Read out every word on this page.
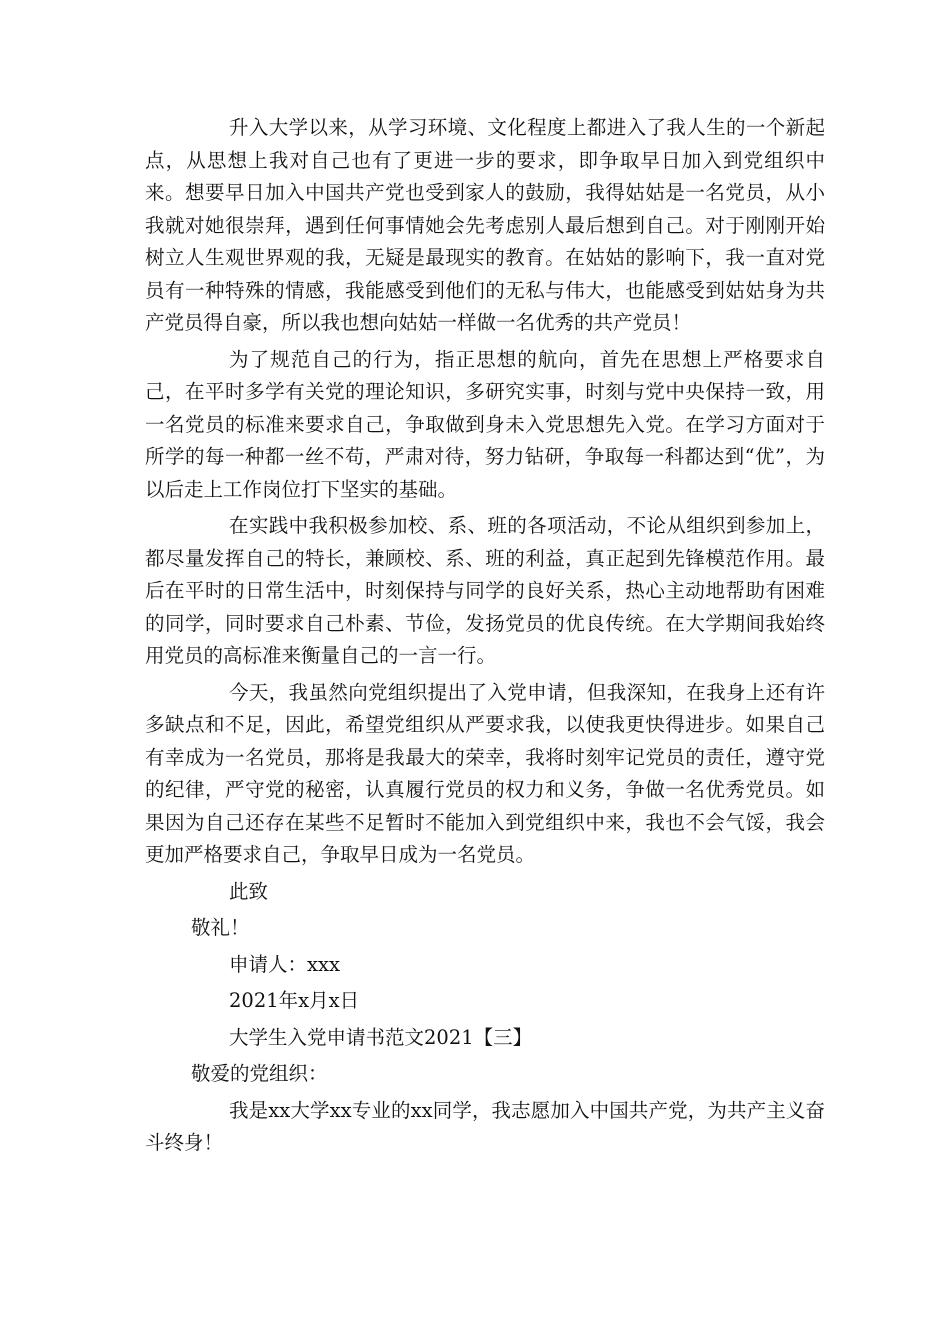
升入大学以来，从学习环境、文化程度上都进入了我人生的一个新起点，从思想上我对自己也有了更进一步的要求，即争取早日加入到党组织中来。想要早日加入中国共产党也受到家人的鼓励，我得姑姑是一名党员，从小我就对她很崇拜，遇到任何事情她会先考虑别人最后想到自己。对于刚刚开始树立人生观世界观的我，无疑是最现实的教育。在姑姑的影响下，我一直对党员有一种特殊的情感，我能感受到他们的无私与伟大，也能感受到姑姑身为共产党员得自豪，所以我也想向姑姑一样做一名优秀的共产党员！

为了规范自己的行为，指正思想的航向，首先在思想上严格要求自己，在平时多学有关党的理论知识，多研究实事，时刻与党中央保持一致，用一名党员的标准来要求自己，争取做到身未入党思想先入党。在学习方面对于所学的每一种都一丝不苟，严肃对待，努力钻研，争取每一科都达到“优”，为以后走上工作岗位打下坚实的基础。

在实践中我积极参加校、系、班的各项活动，不论从组织到参加上，都尽量发挥自己的特长，兼顾校、系、班的利益，真正起到先锋模范作用。最后在平时的日常生活中，时刻保持与同学的良好关系，热心主动地帮助有困难的同学，同时要求自己朴素、节俭，发扬党员的优良传统。在大学期间我始终用党员的高标准来衡量自己的一言一行。

今天，我虽然向党组织提出了入党申请，但我深知，在我身上还有许多缺点和不足，因此，希望党组织从严要求我，以使我更快得进步。如果自己有幸成为一名党员，那将是我最大的荣幸，我将时刻牢记党员的责任，遵守党的纪律，严守党的秘密，认真履行党员的权力和义务，争做一名优秀党员。如果因为自己还存在某些不足暂时不能加入到党组织中来，我也不会气馁，我会更加严格要求自己，争取早日成为一名党员。

此致

敬礼！

申请人：xxx

2021年x月x日

大学生入党申请书范文2021【三】

敬爱的党组织：

我是xx大学xx专业的xx同学，我志愿加入中国共产党，为共产主义奋斗终身！
